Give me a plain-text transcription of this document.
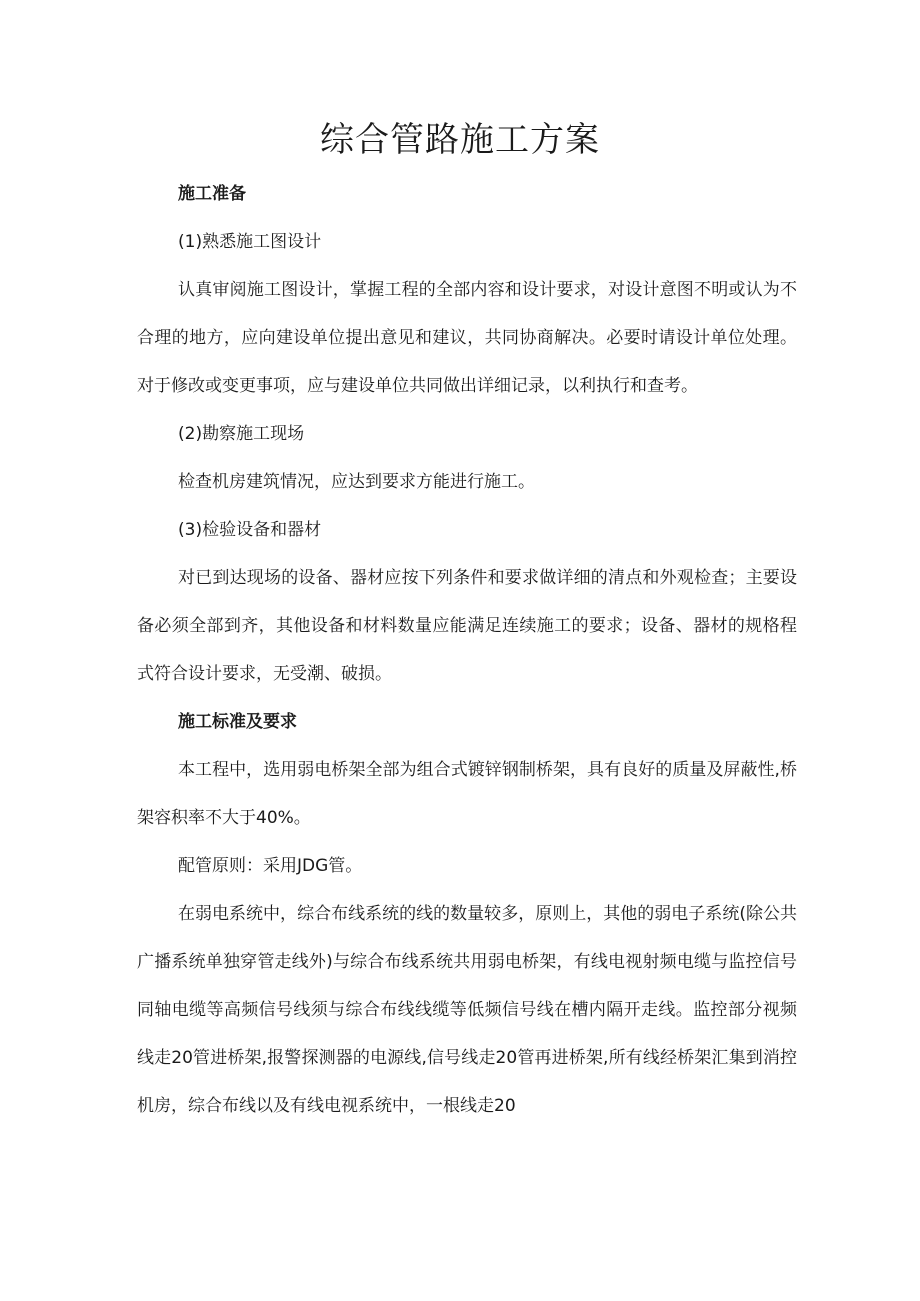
综合管路施工方案
施工准备
(1)熟悉施工图设计

认真审阅施工图设计，掌握工程的全部内容和设计要求，对设计意图不明或认为不合理的地方，应向建设单位提出意见和建议，共同协商解决。必要时请设计单位处理。对于修改或变更事项，应与建设单位共同做出详细记录，以利执行和查考。

(2)勘察施工现场

检查机房建筑情况，应达到要求方能进行施工。

(3)检验设备和器材

对已到达现场的设备、器材应按下列条件和要求做详细的清点和外观检查；主要设备必须全部到齐，其他设备和材料数量应能满足连续施工的要求；设备、器材的规格程式符合设计要求，无受潮、破损。

施工标准及要求

本工程中，选用弱电桥架全部为组合式镀锌钢制桥架，具有良好的质量及屏蔽性,桥架容积率不大于40%。

配管原则：采用JDG管。

在弱电系统中，综合布线系统的线的数量较多，原则上，其他的弱电子系统(除公共广播系统单独穿管走线外)与综合布线系统共用弱电桥架，有线电视射频电缆与监控信号同轴电缆等高频信号线须与综合布线线缆等低频信号线在槽内隔开走线。监控部分视频线走20管进桥架,报警探测器的电源线,信号线走20管再进桥架,所有线经桥架汇集到消控机房，综合布线以及有线电视系统中，一根线走20
